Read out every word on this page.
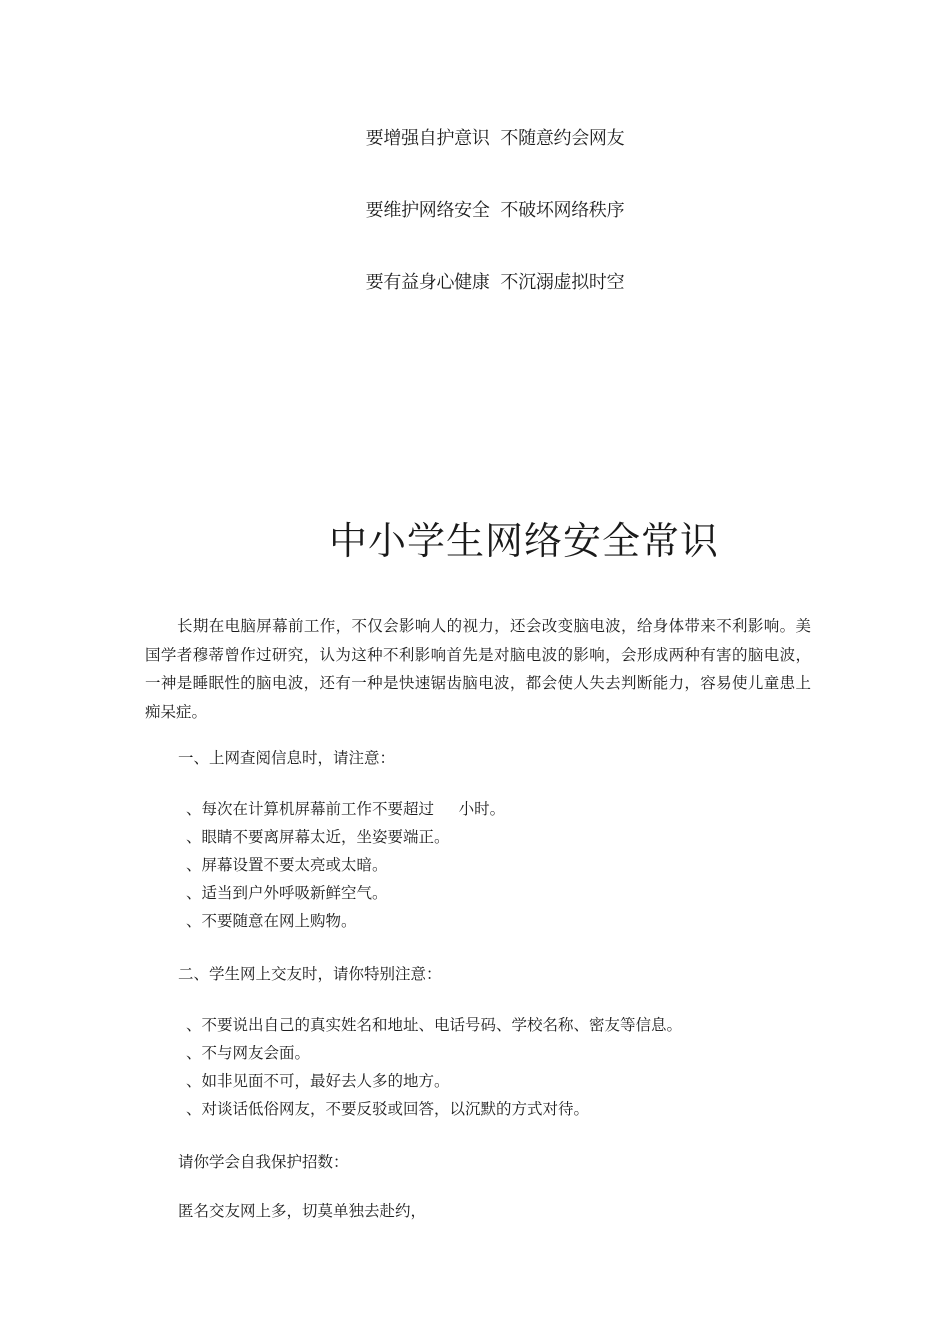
要增强自护意识  不随意约会网友
要维护网络安全  不破坏网络秩序
要有益身心健康  不沉溺虚拟时空
中小学生网络安全常识
长期在电脑屏幕前工作，不仅会影响人的视力，还会改变脑电波，给身体带来不利影响。美国学者穆蒂曾作过研究，认为这种不利影响首先是对脑电波的影响，会形成两种有害的脑电波，一神是睡眠性的脑电波，还有一种是快速锯齿脑电波，都会使人失去判断能力，容易使儿童患上痴呆症。
一、上网查阅信息时，请注意：
、每次在计算机屏幕前工作不要超过     小时。
、眼睛不要离屏幕太近，坐姿要端正。
、屏幕设置不要太亮或太暗。
、适当到户外呼吸新鲜空气。
、不要随意在网上购物。
二、学生网上交友时，请你特别注意：
、不要说出自己的真实姓名和地址、电话号码、学校名称、密友等信息。
、不与网友会面。
、如非见面不可，最好去人多的地方。
、对谈话低俗网友，不要反驳或回答，以沉默的方式对待。
请你学会自我保护招数：
匿名交友网上多，切莫单独去赴约，
